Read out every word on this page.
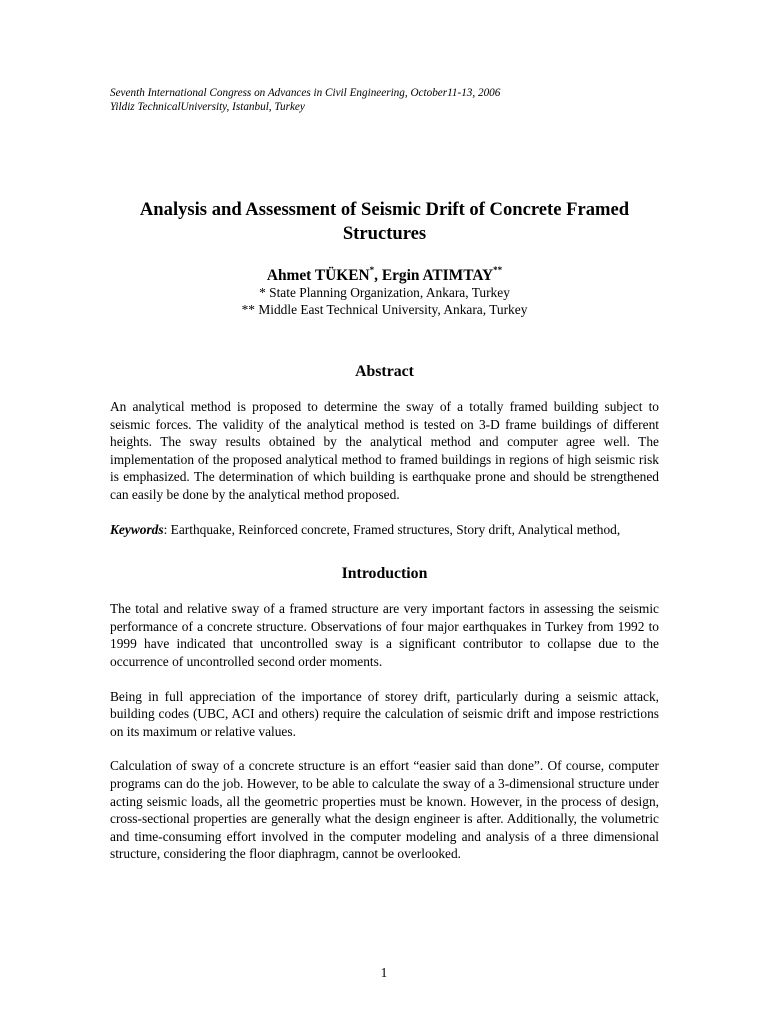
Seventh International Congress on Advances in Civil Engineering, October11-13, 2006
Yildiz TechnicalUniversity, Istanbul, Turkey
Analysis and Assessment of Seismic Drift of Concrete Framed
Structures
Ahmet TÜKEN*, Ergin ATIMTAY**
* State Planning Organization, Ankara, Turkey
** Middle East Technical University, Ankara, Turkey
Abstract

An analytical method is proposed to determine the sway of a totally framed building subject to seismic forces. The validity of the analytical method is tested on 3-D frame buildings of different heights. The sway results obtained by the analytical method and computer agree well. The implementation of the proposed analytical method to framed buildings in regions of high seismic risk is emphasized. The determination of which building is earthquake prone and should be strengthened can easily be done by the analytical method proposed.

Keywords: Earthquake, Reinforced concrete, Framed structures, Story drift, Analytical method,

Introduction

The total and relative sway of a framed structure are very important factors in assessing the seismic performance of a concrete structure. Observations of four major earthquakes in Turkey from 1992 to 1999 have indicated that uncontrolled sway is a significant contributor to collapse due to the occurrence of uncontrolled second order moments.

Being in full appreciation of the importance of storey drift, particularly during a seismic attack, building codes (UBC, ACI and others) require the calculation of seismic drift and impose restrictions on its maximum or relative values.

Calculation of sway of a concrete structure is an effort “easier said than done”. Of course, computer programs can do the job. However, to be able to calculate the sway of a 3-dimensional structure under acting seismic loads, all the geometric properties must be known. However, in the process of design, cross-sectional properties are generally what the design engineer is after. Additionally, the volumetric and time-consuming effort involved in the computer modeling and analysis of a three dimensional structure, considering the floor diaphragm, cannot be overlooked.

1
